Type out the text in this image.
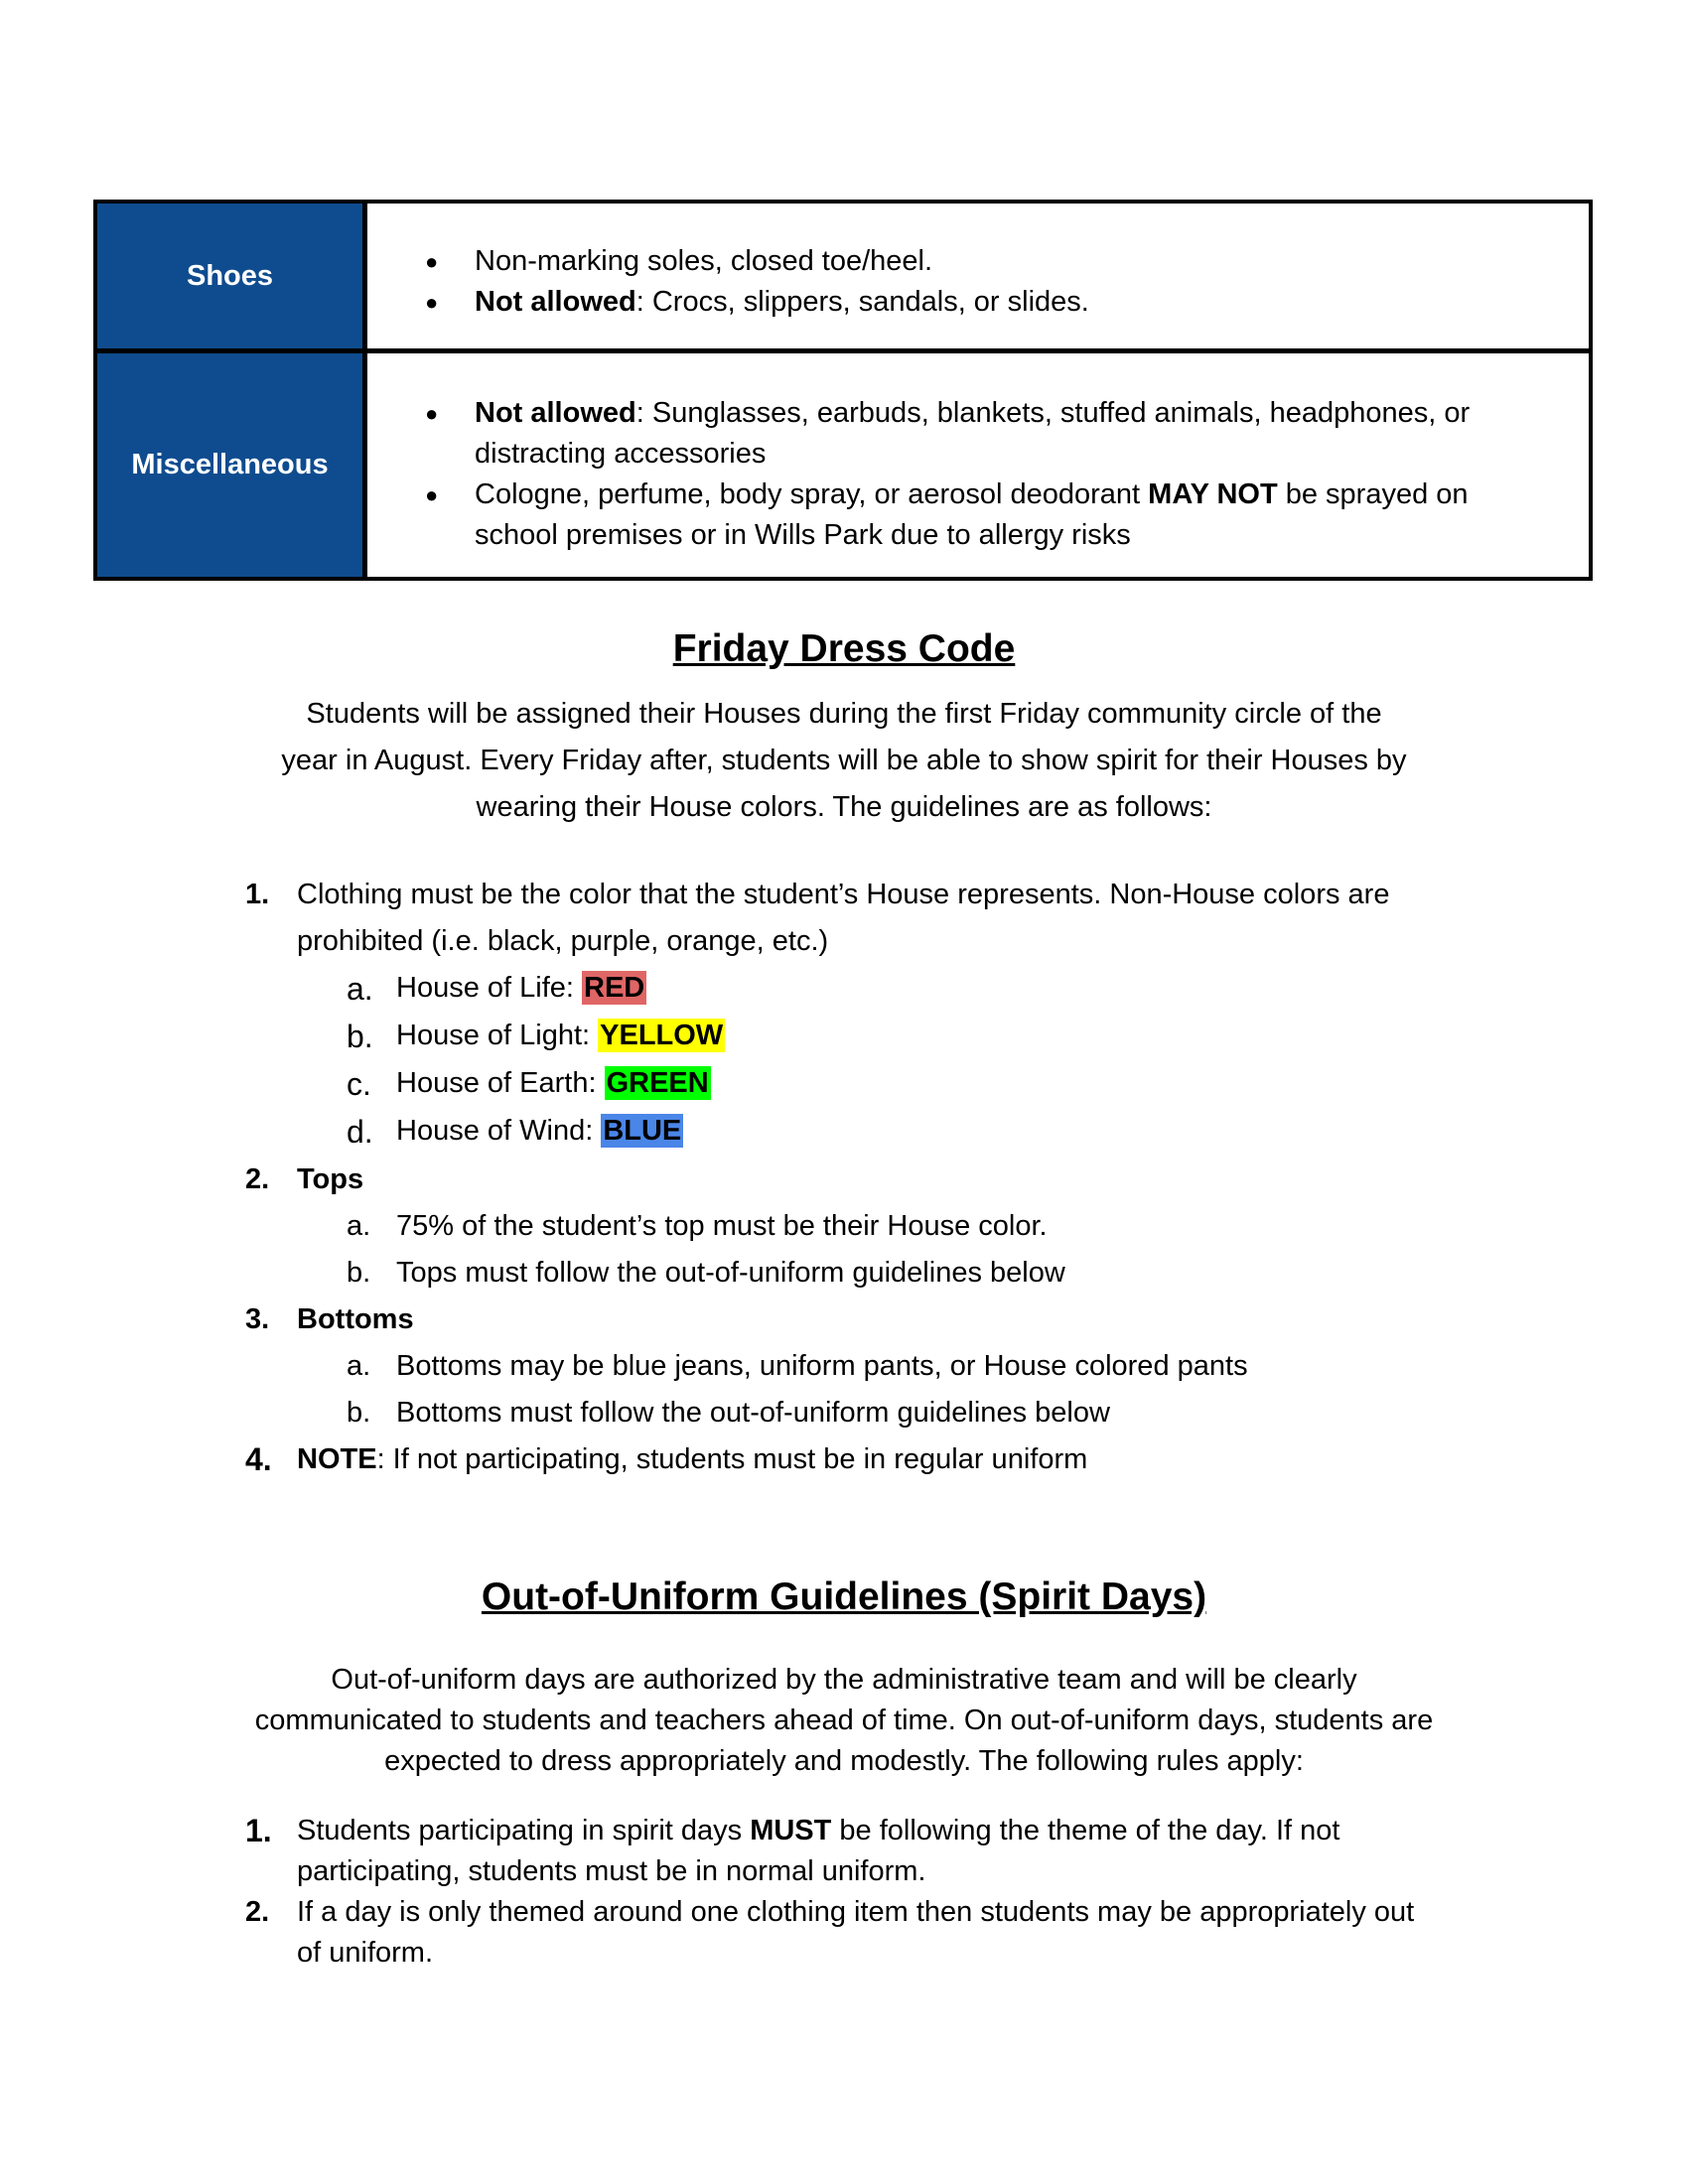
Shoes	● Non-marking soles, closed toe/heel.
● Not allowed: Crocs, slippers, sandals, or slides.
Miscellaneous
● Not allowed: Sunglasses, earbuds, blankets, stuffed animals, headphones, or
distracting accessories
● Cologne, perfume, body spray, or aerosol deodorant MAY NOT be sprayed on
school premises or in Wills Park due to allergy risks
Friday Dress Code
Students will be assigned their Houses during the first Friday community circle of the
year in August. Every Friday after, students will be able to show spirit for their Houses by
wearing their House colors. The guidelines are as follows:
1. Clothing must be the color that the student’s House represents. Non-House colors are
prohibited (i.e. black, purple, orange, etc.)
a. House of Life: RED
b. House of Light: YELLOW
c. House of Earth: GREEN
d. House of Wind: BLUE
2. Tops
a. 75% of the student’s top must be their House color.
b. Tops must follow the out-of-uniform guidelines below
3. Bottoms
a. Bottoms may be blue jeans, uniform pants, or House colored pants
b. Bottoms must follow the out-of-uniform guidelines below
4. NOTE: If not participating, students must be in regular uniform
Out-of-Uniform Guidelines (Spirit Days)
Out-of-uniform days are authorized by the administrative team and will be clearly
communicated to students and teachers ahead of time. On out-of-uniform days, students are
expected to dress appropriately and modestly. The following rules apply:
1. Students participating in spirit days MUST be following the theme of the day. If not
participating, students must be in normal uniform.
2. If a day is only themed around one clothing item then students may be appropriately out
of uniform.
